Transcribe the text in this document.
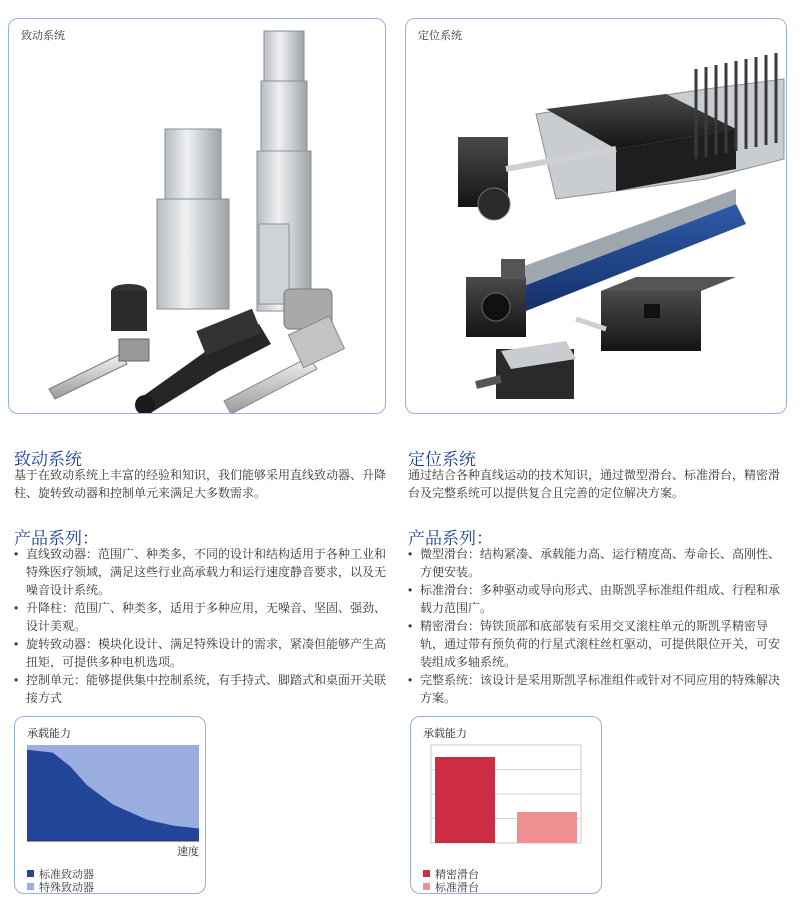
致动系统	定位系统
致动系统

基于在致动系统上丰富的经验和知识，我们能够采用直线致动器、升降柱、旋转致动器和控制单元来满足大多数需求。

产品系列：
• 直线致动器：范围广、种类多，不同的设计和结构适用于各种工业和特殊医疗领域，满足这些行业高承载力和运行速度静音要求，以及无噪音设计系统。
• 升降柱：范围广、种类多，适用于多种应用，无噪音、坚固、强劲、设计美观。
• 旋转致动器：模块化设计、满足特殊设计的需求，紧凑但能够产生高扭矩，可提供多种电机选项。
• 控制单元：能够提供集中控制系统，有手持式、脚踏式和桌面开关联接方式
定位系统

通过结合各种直线运动的技术知识，通过微型滑台、标准滑台，精密滑台及完整系统可以提供复合且完善的定位解决方案。

产品系列：
• 微型滑台：结构紧凑、承载能力高、运行精度高、寿命长、高刚性、方便安装。
• 标准滑台：多种驱动或导向形式、由斯凯孚标准组件组成、行程和承载力范围广。
• 精密滑台：铸铁顶部和底部装有采用交叉滚柱单元的斯凯孚精密导轨，通过带有预负荷的行星式滚柱丝杠驱动，可提供限位开关，可安装组成多轴系统。
• 完整系统：该设计是采用斯凯孚标准组件或针对不同应用的特殊解决方案。
承载能力
速度
标准致动器
特殊致动器
承载能力
精密滑台
标准滑台
